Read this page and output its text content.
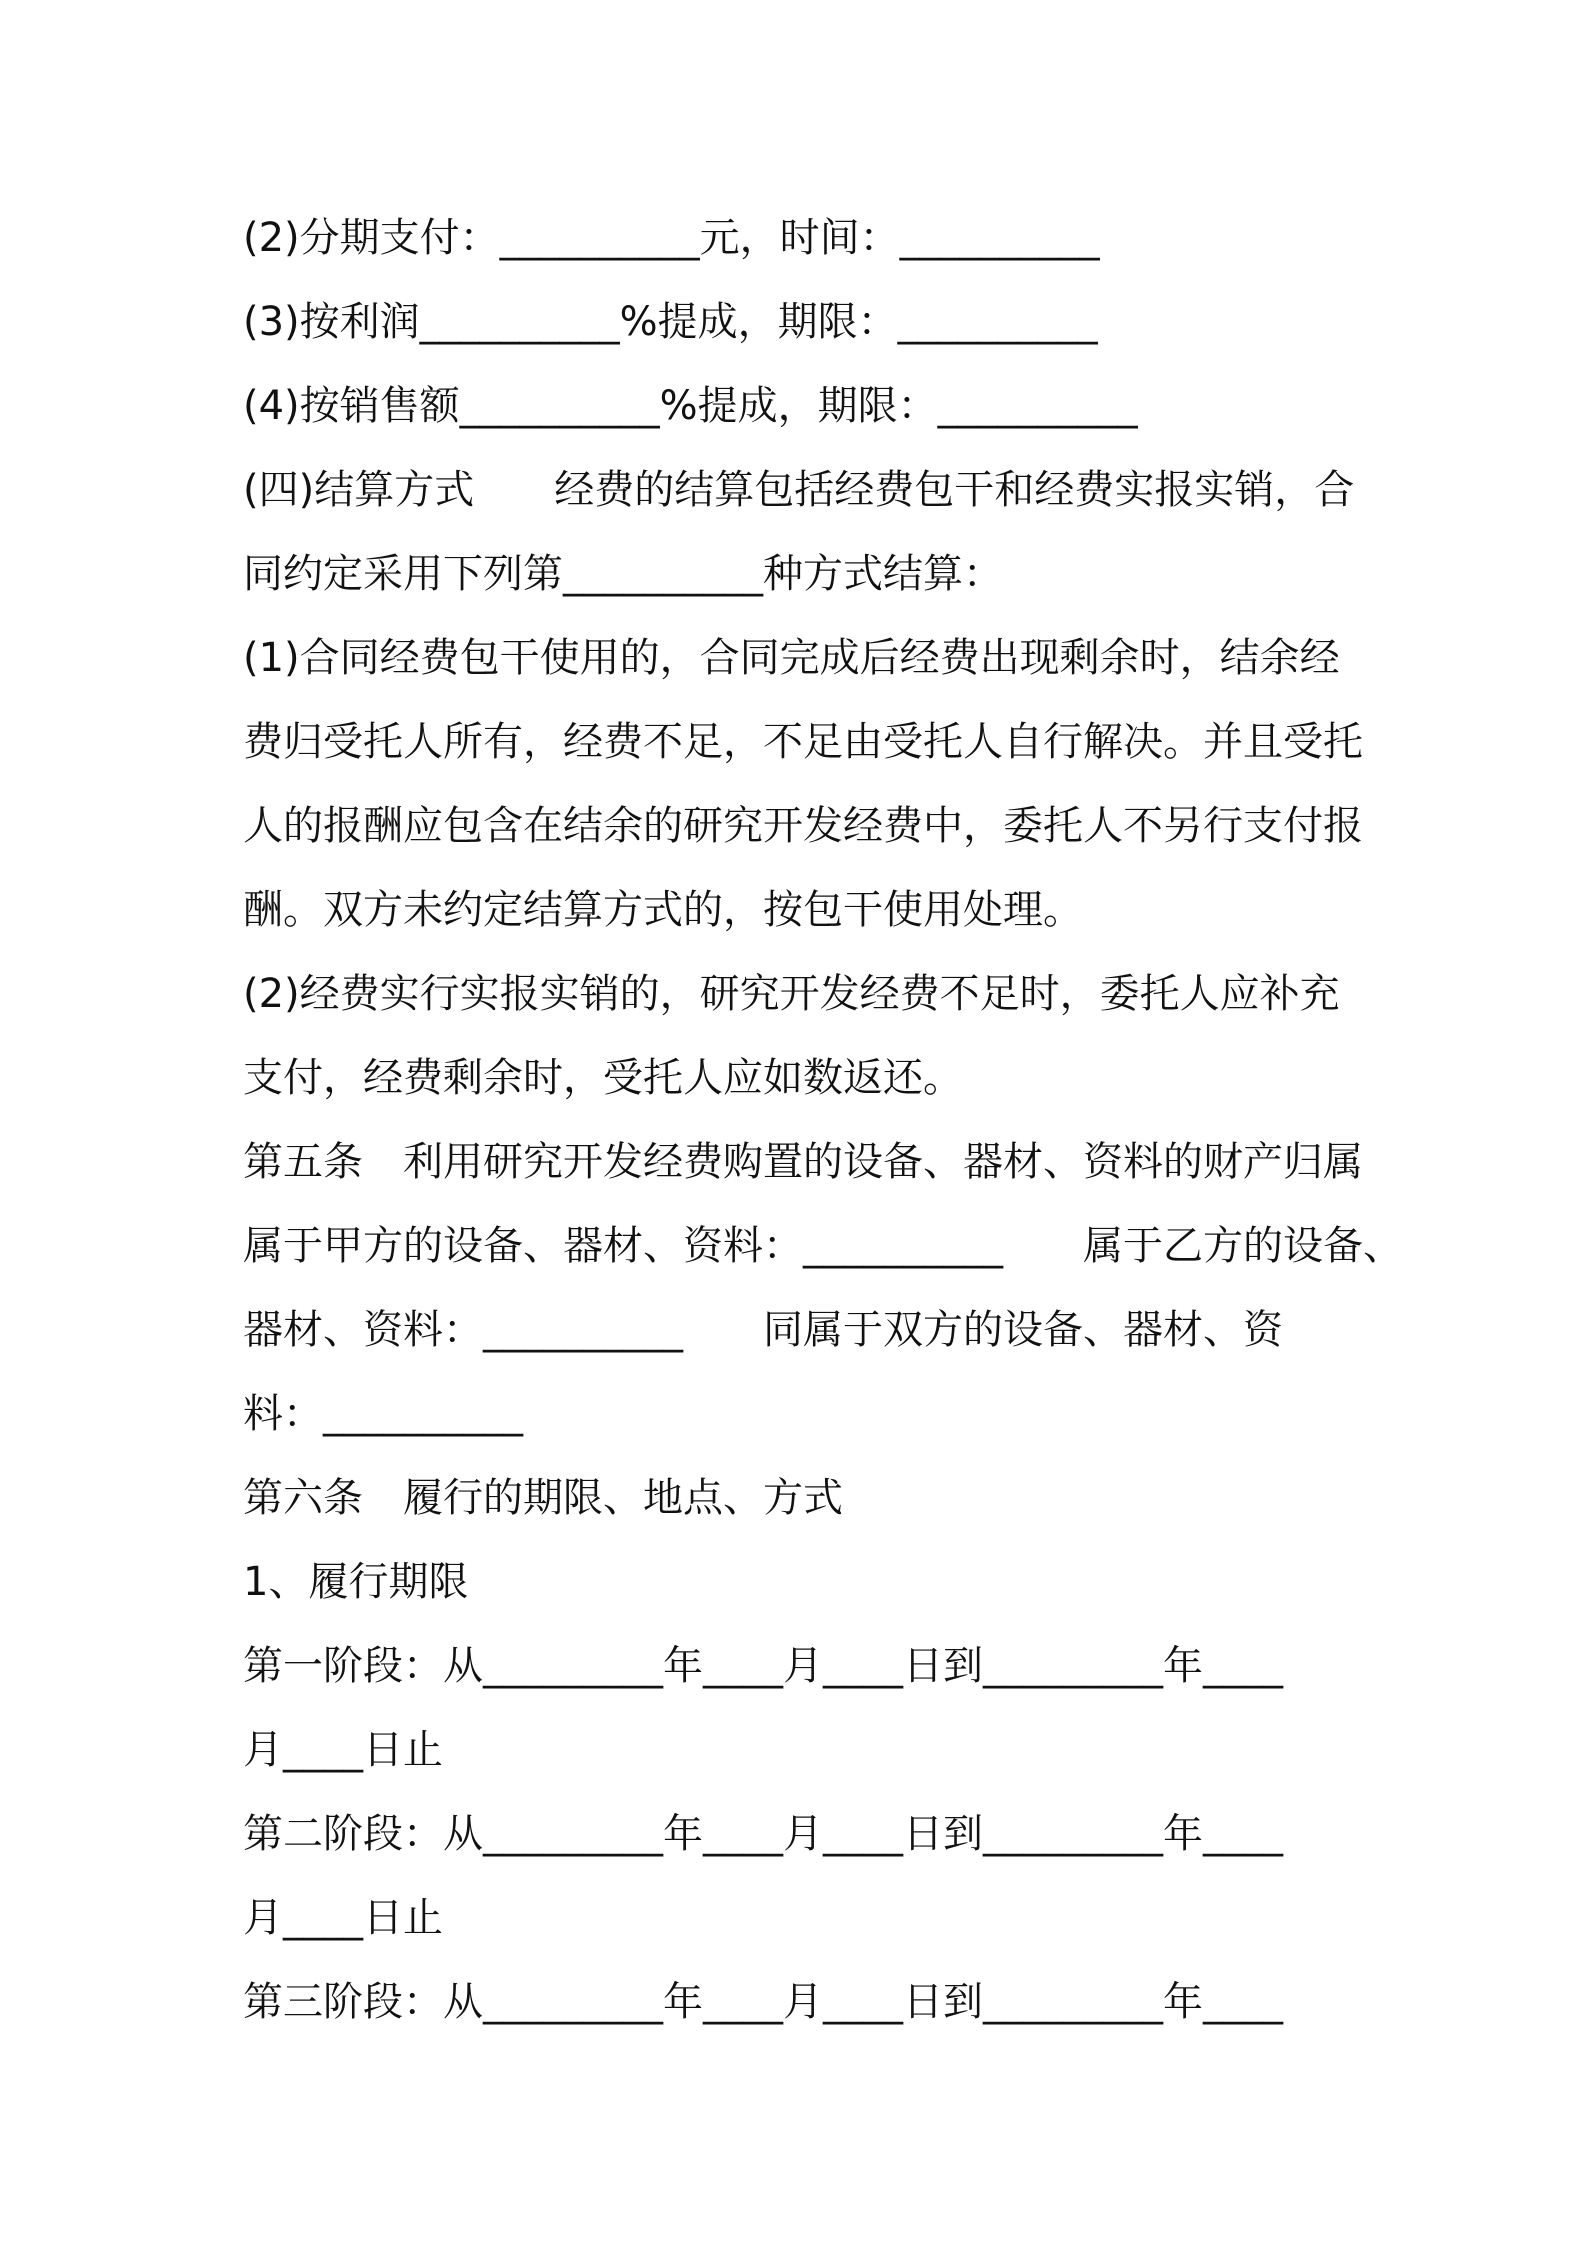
(2)分期支付：__________元，时间：__________
(3)按利润__________%提成，期限：__________
(4)按销售额__________%提成，期限：__________
(四)结算方式　　经费的结算包括经费包干和经费实报实销，合
同约定采用下列第__________种方式结算：
(1)合同经费包干使用的，合同完成后经费出现剩余时，结余经
费归受托人所有，经费不足，不足由受托人自行解决。并且受托
人的报酬应包含在结余的研究开发经费中，委托人不另行支付报
酬。双方未约定结算方式的，按包干使用处理。
(2)经费实行实报实销的，研究开发经费不足时，委托人应补充
支付，经费剩余时，受托人应如数返还。
第五条　利用研究开发经费购置的设备、器材、资料的财产归属
属于甲方的设备、器材、资料：__________　　属于乙方的设备、
器材、资料：__________　　同属于双方的设备、器材、资
料：__________
第六条　履行的期限、地点、方式
1、履行期限
第一阶段：从_________年____月____日到_________年____
月____日止
第二阶段：从_________年____月____日到_________年____
月____日止
第三阶段：从_________年____月____日到_________年____
